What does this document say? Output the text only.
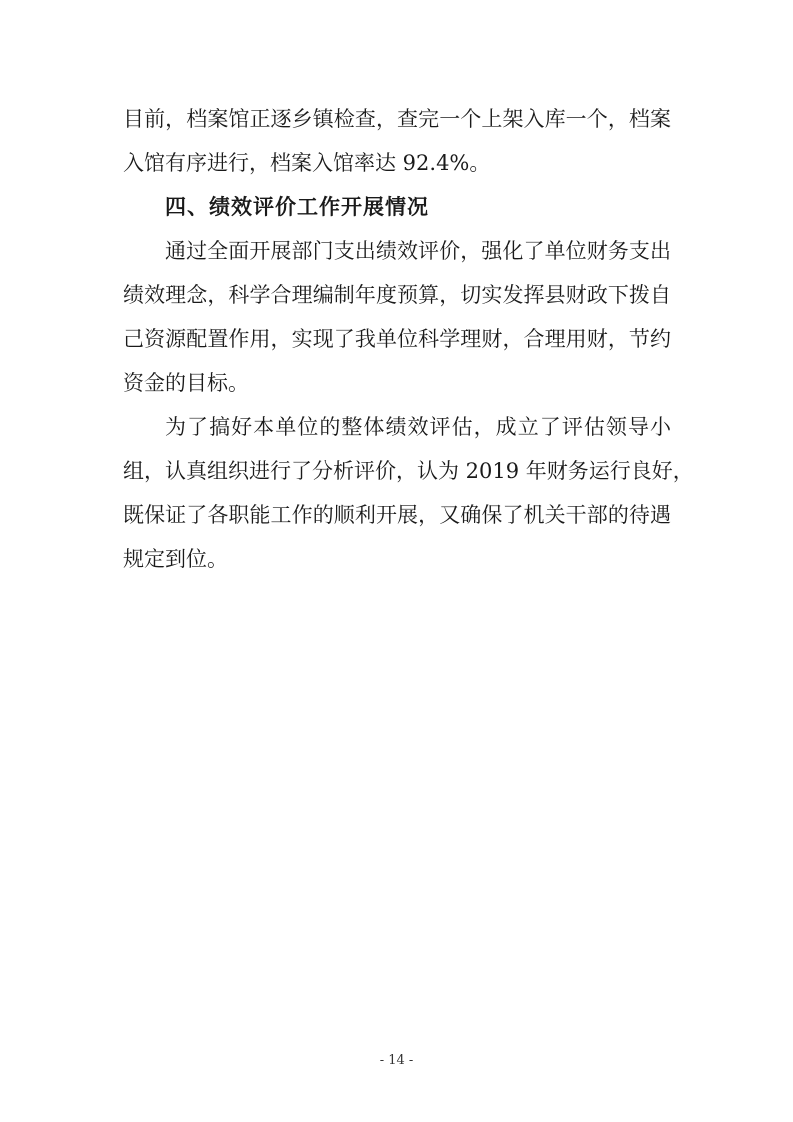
目前，档案馆正逐乡镇检查，查完一个上架入库一个，档案
入馆有序进行，档案入馆率达 92.4%。
四、绩效评价工作开展情况
通过全面开展部门支出绩效评价，强化了单位财务支出
绩效理念，科学合理编制年度预算，切实发挥县财政下拨自
己资源配置作用，实现了我单位科学理财，合理用财，节约
资金的目标。
为了搞好本单位的整体绩效评估，成立了评估领导小
组，认真组织进行了分析评价，认为 2019 年财务运行良好，
既保证了各职能工作的顺利开展，又确保了机关干部的待遇
规定到位。
- 14 -
